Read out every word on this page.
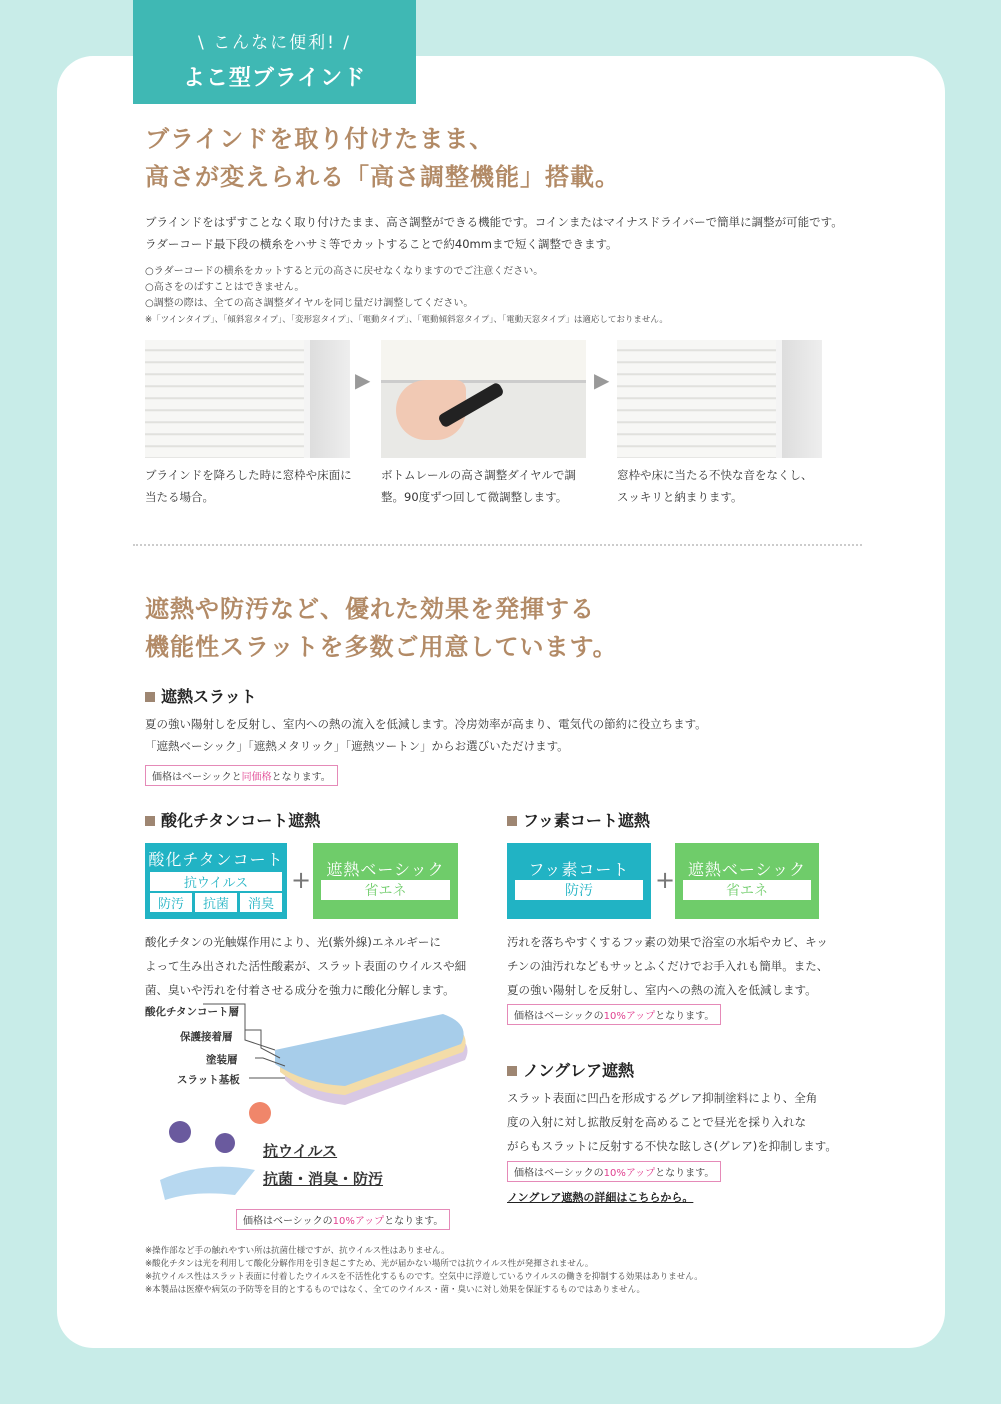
\ こんなに便利! /
よこ型ブラインド
ブラインドを取り付けたまま、
高さが変えられる「高さ調整機能」搭載。
ブラインドをはずすことなく取り付けたまま、高さ調整ができる機能です。コインまたはマイナスドライバーで簡単に調整が可能です。
ラダーコード最下段の横糸をハサミ等でカットすることで約40mmまで短く調整できます。
○ラダーコードの横糸をカットすると元の高さに戻せなくなりますのでご注意ください。
○高さをのばすことはできません。
○調整の際は、全ての高さ調整ダイヤルを同じ量だけ調整してください。
※「ツインタイプ」、「傾斜窓タイプ」、「変形窓タイプ」、「電動タイプ」、「電動傾斜窓タイプ」、「電動天窓タイプ」は適応しておりません。
▶	▶
ブラインドを降ろした時に窓枠や床面に
当たる場合。
ボトムレールの高さ調整ダイヤルで調
整。90度ずつ回して微調整します。
窓枠や床に当たる不快な音をなくし、
スッキリと納まります。
遮熱や防汚など、優れた効果を発揮する
機能性スラットを多数ご用意しています。
遮熱スラット
夏の強い陽射しを反射し、室内への熱の流入を低減します。冷房効率が高まり、電気代の節約に役立ちます。
「遮熱ベーシック」「遮熱メタリック」「遮熱ツートン」からお選びいただけます。
価格はベーシックと同価格となります。
酸化チタンコート遮熱
酸化チタンコート
抗ウイルス
防汚	抗菌	消臭
+ 遮熱ベーシック
省エネ
酸化チタンの光触媒作用により、光(紫外線)エネルギーに
よって生み出された活性酸素が、スラット表面のウイルスや細
菌、臭いや汚れを付着させる成分を強力に酸化分解します。
酸化チタンコート層
保護接着層
塗装層
スラット基板
抗ウイルス
抗菌・消臭・防汚
価格はベーシックの10%アップとなります。
フッ素コート遮熱
フッ素コート
防汚	+ 遮熱ベーシック
省エネ
汚れを落ちやすくするフッ素の効果で浴室の水垢やカビ、キッ
チンの油汚れなどもサッとふくだけでお手入れも簡単。また、
夏の強い陽射しを反射し、室内への熱の流入を低減します。
価格はベーシックの10%アップとなります。
ノングレア遮熱
スラット表面に凹凸を形成するグレア抑制塗料により、全角
度の入射に対し拡散反射を高めることで昼光を採り入れな
がらもスラットに反射する不快な眩しさ(グレア)を抑制します。
価格はベーシックの10%アップとなります。
ノングレア遮熱の詳細はこちらから。
※操作部など手の触れやすい所は抗菌仕様ですが、抗ウイルス性はありません。
※酸化チタンは光を利用して酸化分解作用を引き起こすため、光が届かない場所では抗ウイルス性が発揮されません。
※抗ウイルス性はスラット表面に付着したウイルスを不活性化するものです。空気中に浮遊しているウイルスの働きを抑制する効果はありません。
※本製品は医療や病気の予防等を目的とするものではなく、全てのウイルス・菌・臭いに対し効果を保証するものではありません。
